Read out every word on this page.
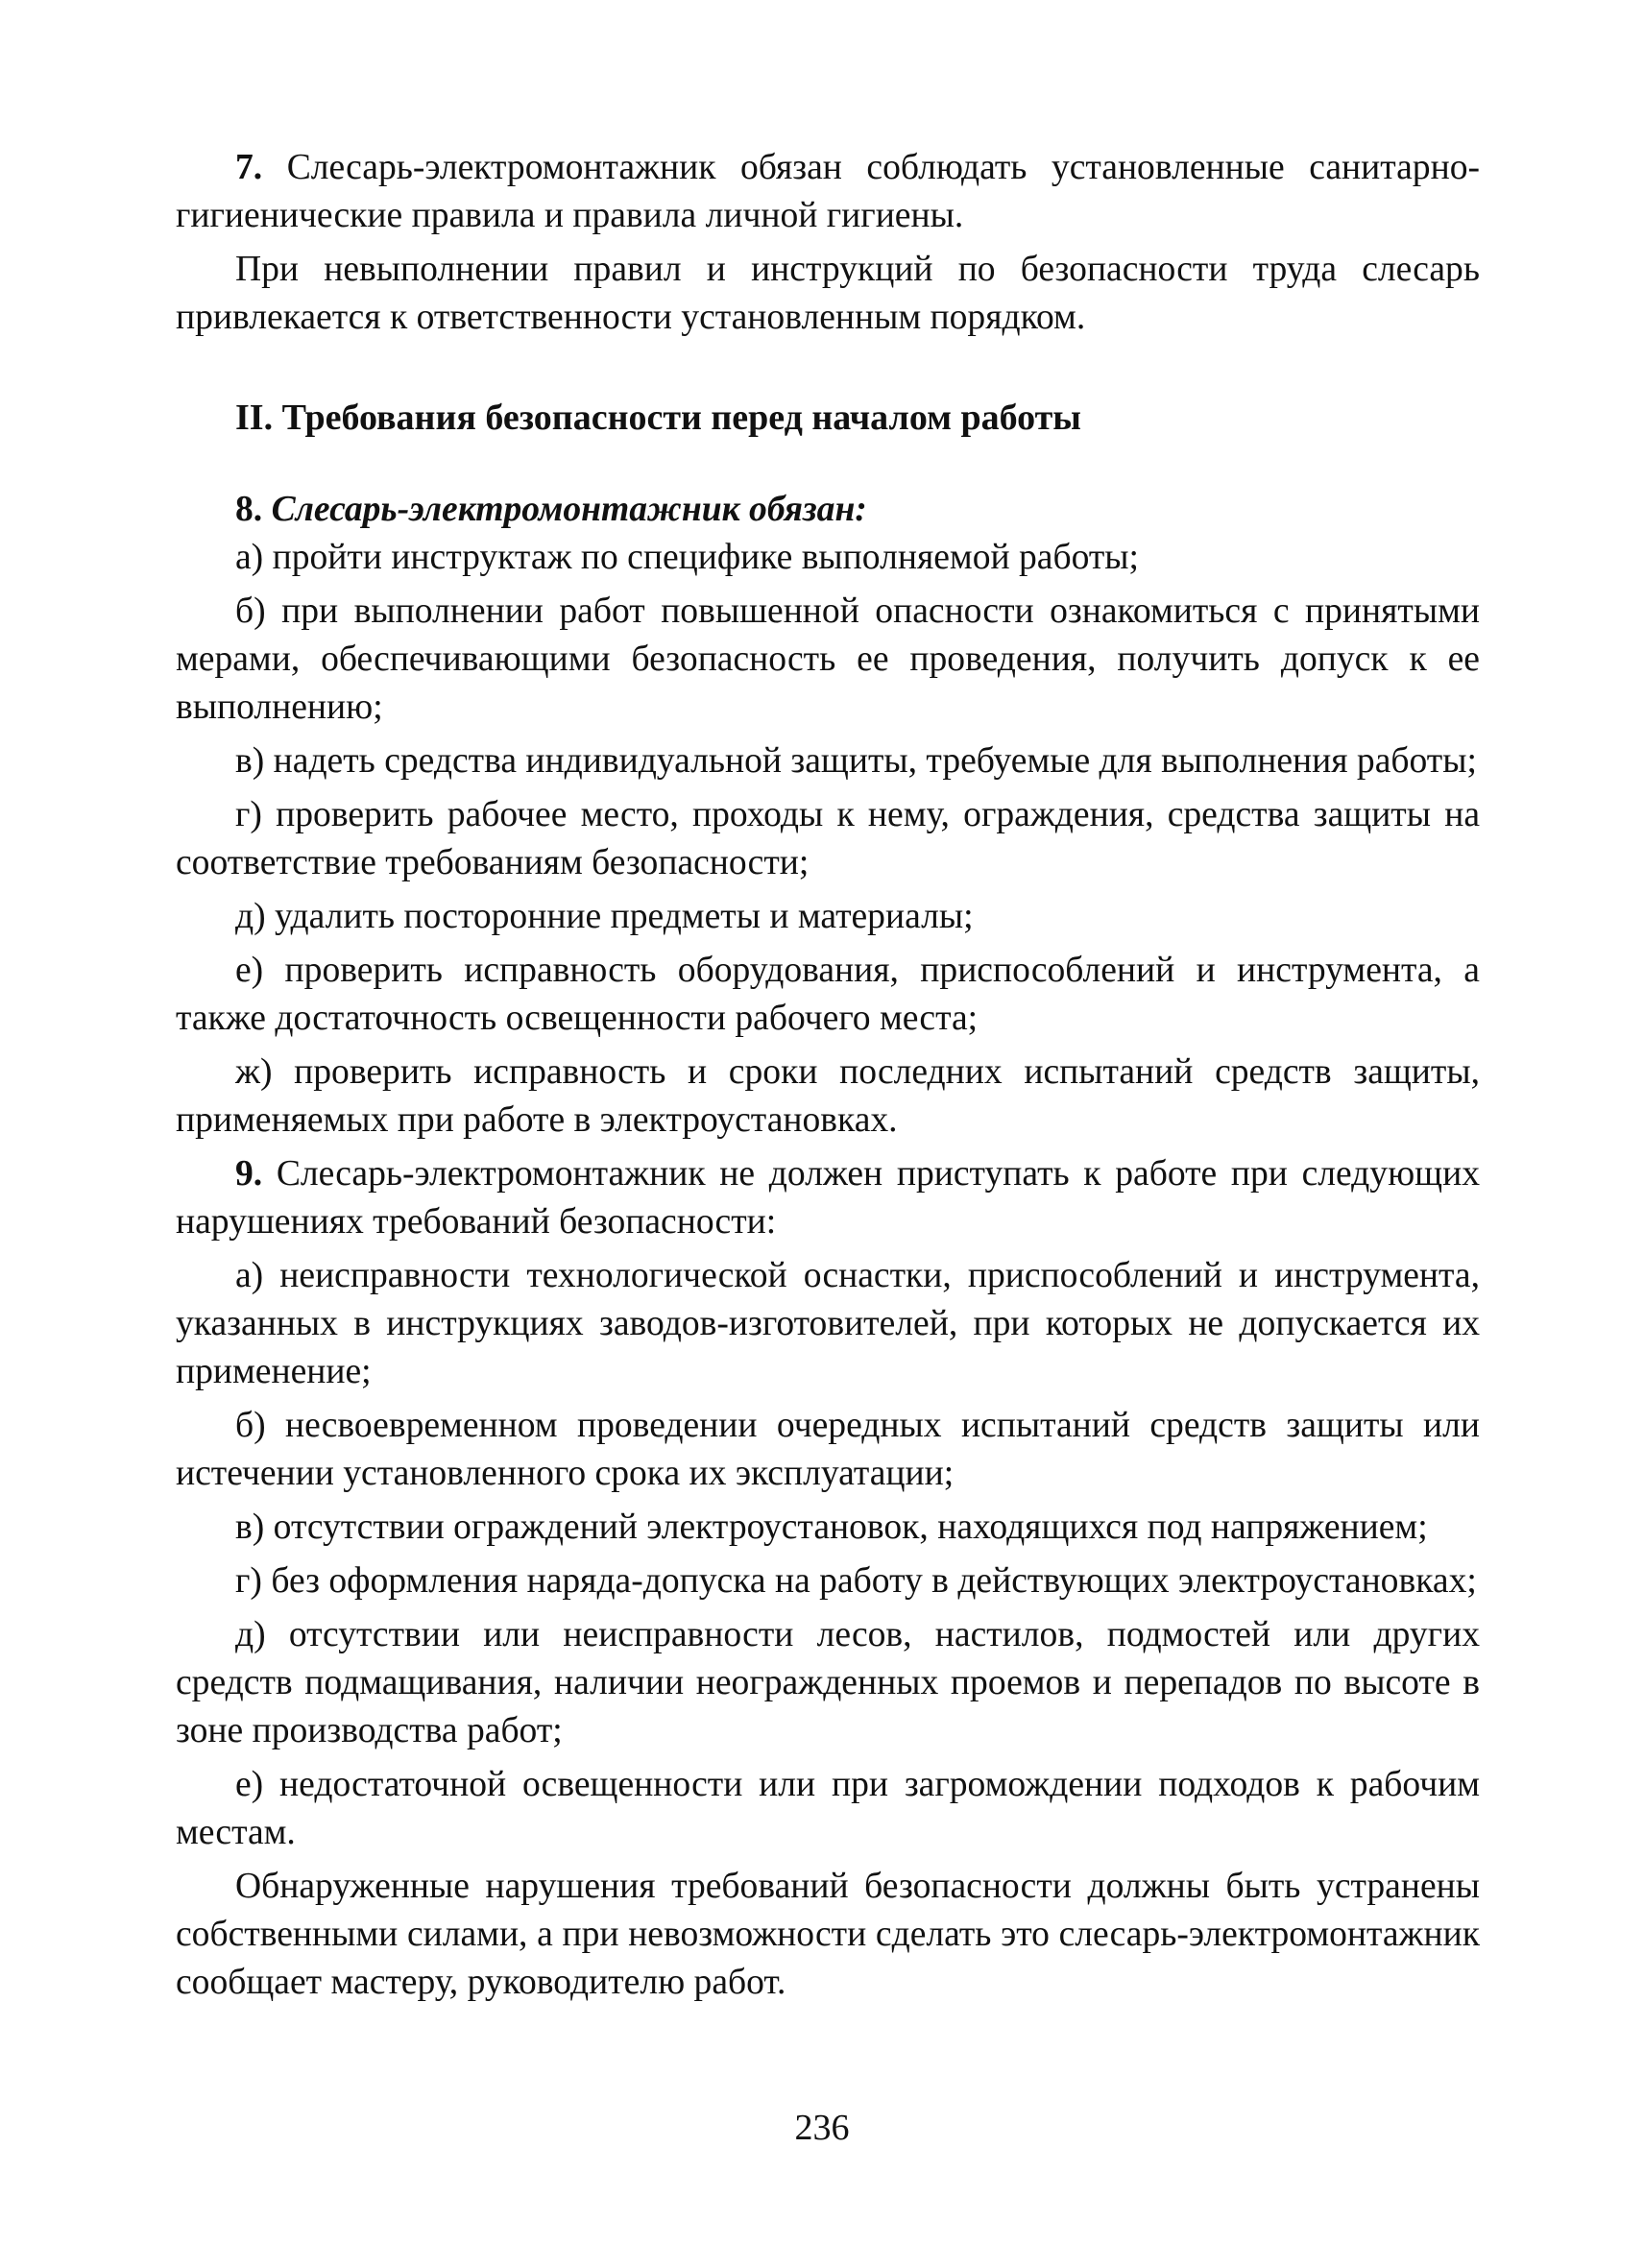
7. Слесарь-электромонтажник обязан соблюдать установленные санитарно-гигиенические правила и правила личной гигиены.

При невыполнении правил и инструкций по безопасности труда слесарь привлекается к ответственности установленным порядком.

II. Требования безопасности перед началом работы

8. Слесарь-электромонтажник обязан:

а) пройти инструктаж по специфике выполняемой работы;

б) при выполнении работ повышенной опасности ознакомиться с принятыми мерами, обеспечивающими безопасность ее проведения, получить допуск к ее выполнению;

в) надеть средства индивидуальной защиты, требуемые для выполнения работы;

г) проверить рабочее место, проходы к нему, ограждения, средства защиты на соответствие требованиям безопасности;

д) удалить посторонние предметы и материалы;

е) проверить исправность оборудования, приспособлений и инструмента, а также достаточность освещенности рабочего места;

ж) проверить исправность и сроки последних испытаний средств защиты, применяемых при работе в электроустановках.

9. Слесарь-электромонтажник не должен приступать к работе при следующих нарушениях требований безопасности:

а) неисправности технологической оснастки, приспособлений и инструмента, указанных в инструкциях заводов-изготовителей, при которых не допускается их применение;

б) несвоевременном проведении очередных испытаний средств защиты или истечении установленного срока их эксплуатации;

в) отсутствии ограждений электроустановок, находящихся под напряжением;

г) без оформления наряда-допуска на работу в действующих электроустановках;

д) отсутствии или неисправности лесов, настилов, подмостей или других средств подмащивания, наличии неогражденных проемов и перепадов по высоте в зоне производства работ;

е) недостаточной освещенности или при загромождении подходов к рабочим местам.

Обнаруженные нарушения требований безопасности должны быть устранены собственными силами, а при невозможности сделать это слесарь-электромонтажник сообщает мастеру, руководителю работ.

236
